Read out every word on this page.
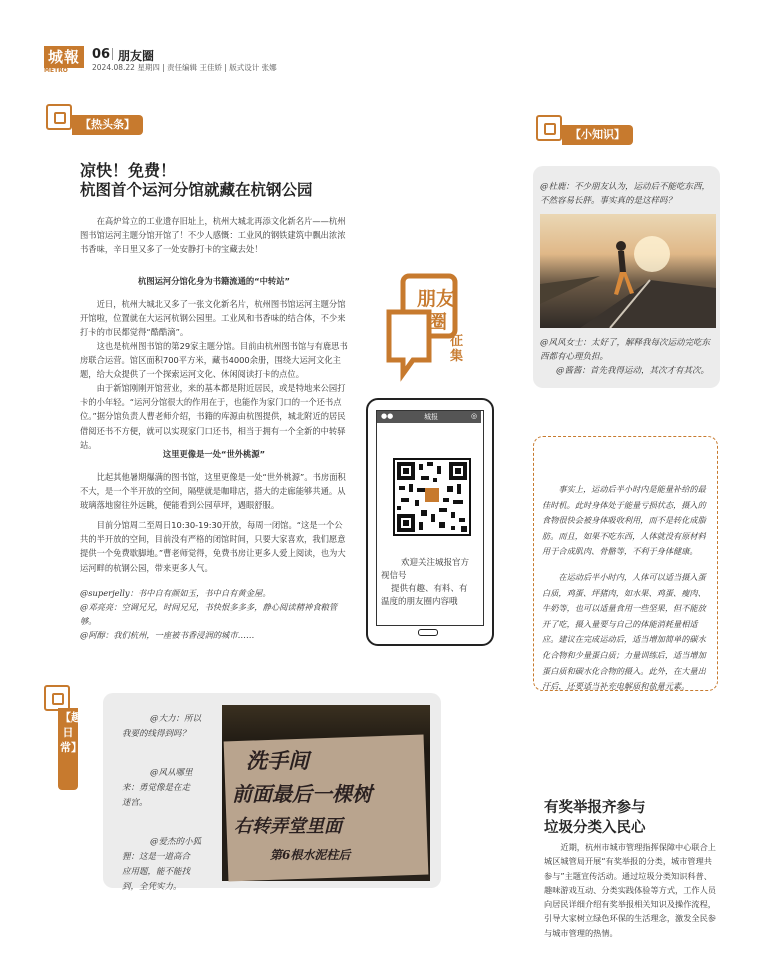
城報
METRO
06 朋友圈
2024.08.22 星期四 | 责任编辑 王佳娇 | 版式设计 张娜
【热头条】
凉快！免费！
杭图首个运河分馆就藏在杭钢公园
在高炉耸立的工业遗存旧址上，杭州大城北再添文化新名片——杭州图书馆运河主题分馆开馆了！不少人感慨：工业风的钢铁建筑中飘出浓浓书香味，辛日里又多了一处安静打卡的宝藏去处！
杭图运河分馆化身为书籍流通的“中转站”
近日，杭州大城北又多了一张文化新名片，杭州图书馆运河主题分馆开馆啦，位置就在大运河杭钢公园里。工业风和书香味的结合体，不少来打卡的市民都觉得“酷酷滴”。
这也是杭州图书馆的第29家主题分馆。目前由杭州图书馆与有鹿思书房联合运营。馆区面积700平方米，藏书4000余册，围绕大运河文化主题，给大众提供了一个探索运河文化、休闲阅读打卡的点位。
由于新馆刚刚开馆营业，来的基本都是附近居民，或是特地来公园打卡的小年轻。“运河分馆很大的作用在于，也能作为家门口的一个还书点位。”据分馆负责人曹老师介绍，书籍的库源由杭图提供，城北附近的居民借阅还书不方便，就可以实现家门口还书，相当于拥有一个全新的中转驿站。
这里更像是一处“世外桃源”
比起其他暑期爆满的图书馆，这里更像是一处“世外桃源”。书房面积不大，是一个半开放的空间，隔壁就是咖啡店，搭大的走廊能够共通。从玻璃落地窗往外远眺，便能看到公园草坪，遇眼舒服。
目前分馆周二至周日10:30-19:30开放，每周一闭馆。“这是一个公共的半开放的空间，目前没有严格的闭馆时间，只要大家喜欢，我们愿意提供一个免费歇脚地。”曹老师觉得，免费书房让更多人爱上阅读，也为大运河畔的杭钢公园，带来更多人气。
@superjelly：书中自有颜如玉，书中自有黄金屋。
@邓亮亮：空调兄兄，时间兄兄，书快恨多多多，静心阅读精神食粮管够。
@阿醇：我们杭州，一座被书香浸润的城市……
【趣日常】
@大力：所以
我要的线得到吗？
@风从哪里
来：勇觉像是在走
迷宫。
@爱杰的小狐
狸：这是一道高合
应用题，能不能找
到，全凭实力。
洗手间
前面最后一棵树
右转弄堂里面
第6根水泥柱后
朋友
圈
征集
●●	城报	◎
欢迎关注城报官方
视信号
提供有趣、有料、有
温度的朋友圈内容哦
【小知识】
@杜鹿：不少朋友认为，运动后不能吃东西，不然容易长胖。事实真的是这样吗？
@风风女士：太好了，解释我每次运动完吃东西都有心理负担。
@酱酱：首先我得运动，其次才有其次。
事实上，运动后半小时内是能量补给的最佳时机。此时身体处于能量亏损状态，摄入的食物很快会被身体吸收利用，而不是转化成脂肪。而且，如果不吃东西，人体就没有原材料用于合成肌肉、骨骼等，不利于身体健康。
在运动后半小时内，人体可以适当摄入蛋白质，鸡蛋、坪猪肉，如水果、鸡蛋、瘦肉、牛奶等，也可以适量食用一些坚果，但不能放开了吃，摄入量要与自己的体能消耗量相适应。建议在完成运动后，适当增加简单的碳水化合物和少量蛋白质；力量训练后，适当增加蛋白质和碳水化合物的摄入。此外，在大量出汗后，还要适当补充电解质和盐量元素。
有奖举报齐参与
垃圾分类入民心
近期，杭州市城市管理指挥保障中心联合上城区城管局开展“有奖举报的分类，城市管理共参与”主题宣传活动。通过垃圾分类知识科普、趣味游戏互动、分类实践体验等方式，工作人员向居民详细介绍有奖举报相关知识及操作流程，引导大家树立绿色环保的生活理念，激发全民参与城市管理的热情。
